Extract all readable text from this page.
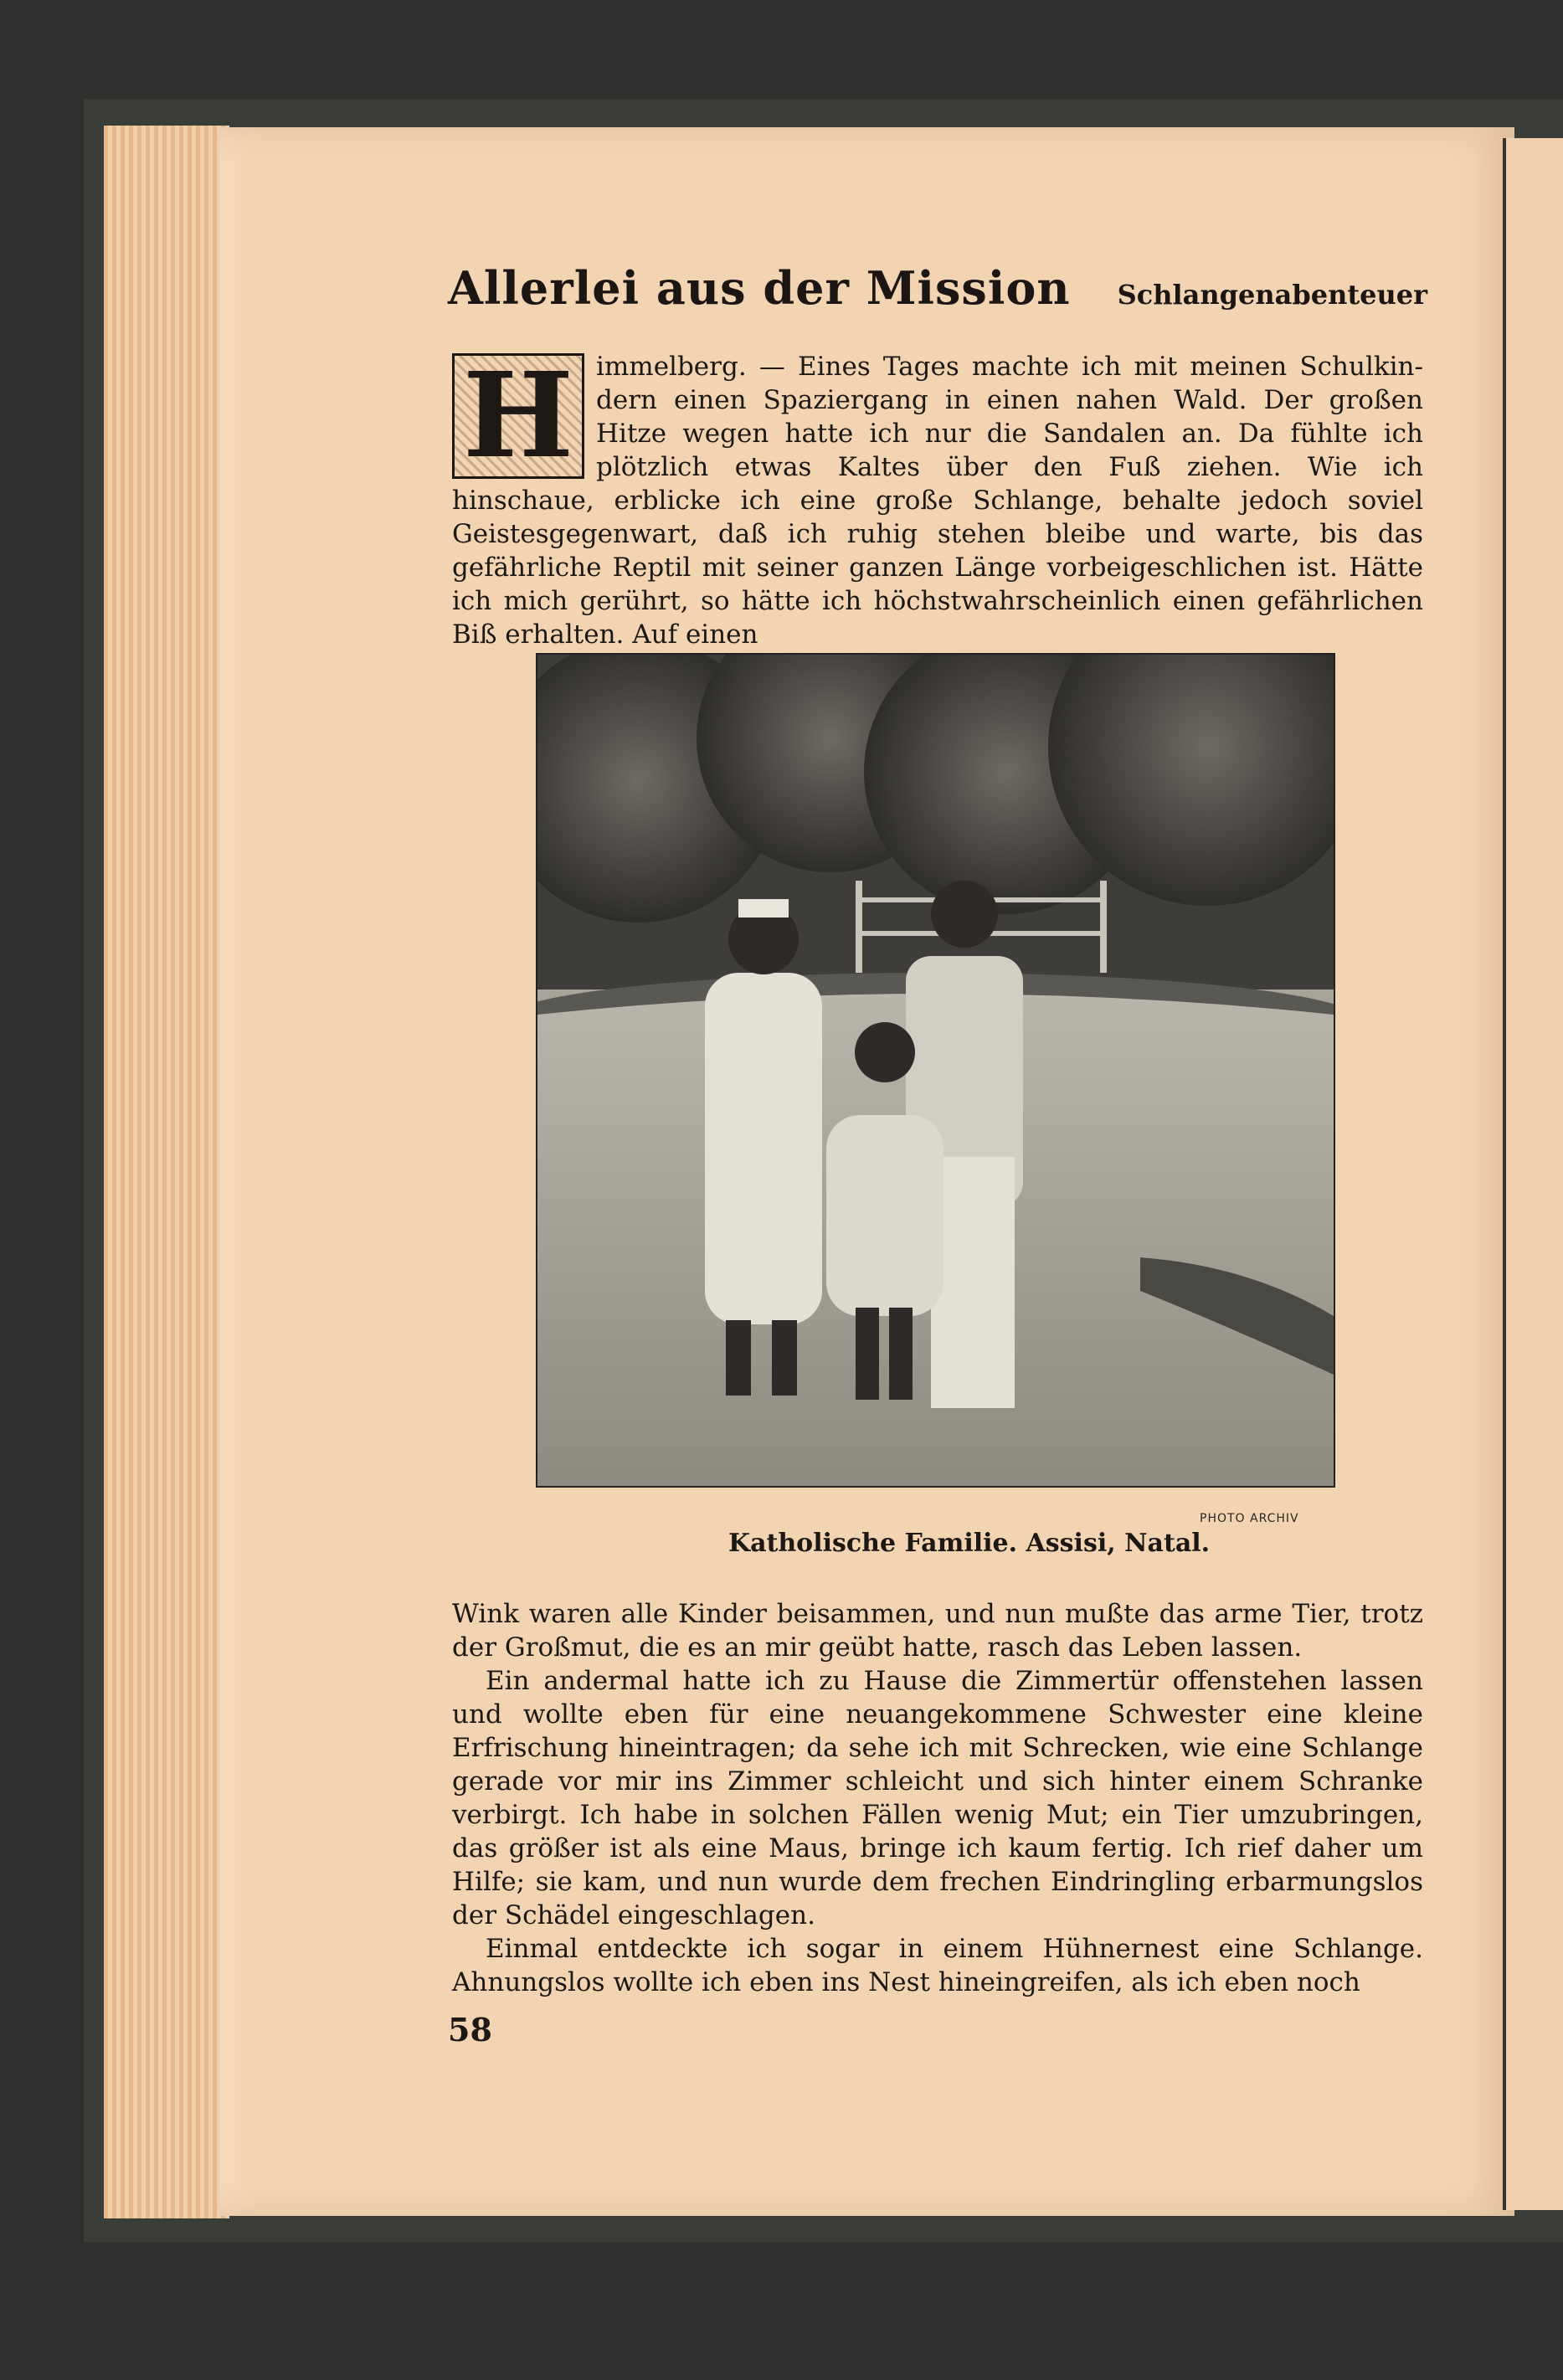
Allerlei aus der Mission Schlangenabenteuer
H immelberg. — Eines Tages machte ich mit meinen Schulkin-dern einen Spaziergang in einen nahen Wald. Der großen Hitze wegen hatte ich nur die Sandalen an. Da fühlte ich plötzlich etwas Kaltes über den Fuß ziehen. Wie ich hinschaue, erblicke ich eine große Schlange, behalte jedoch soviel Geistesgegenwart, daß ich ruhig stehen bleibe und warte, bis das gefährliche Reptil mit seiner ganzen Länge vorbeigeschlichen ist. Hätte ich mich gerührt, so hätte ich höchstwahrscheinlich einen gefährlichen Biß erhalten. Auf einen

PHOTO ARCHIV
Katholische Familie. Assisi, Natal.

Wink waren alle Kinder beisammen, und nun mußte das arme Tier, trotz der Großmut, die es an mir geübt hatte, rasch das Leben lassen.

Ein andermal hatte ich zu Hause die Zimmertür offenstehen lassen und wollte eben für eine neuangekommene Schwester eine kleine Erfrischung hineintragen; da sehe ich mit Schrecken, wie eine Schlange gerade vor mir ins Zimmer schleicht und sich hinter einem Schranke verbirgt. Ich habe in solchen Fällen wenig Mut; ein Tier umzubringen, das größer ist als eine Maus, bringe ich kaum fertig. Ich rief daher um Hilfe; sie kam, und nun wurde dem frechen Eindringling erbarmungslos der Schädel eingeschlagen.

Einmal entdeckte ich sogar in einem Hühnernest eine Schlange. Ahnungslos wollte ich eben ins Nest hineingreifen, als ich eben noch

58
